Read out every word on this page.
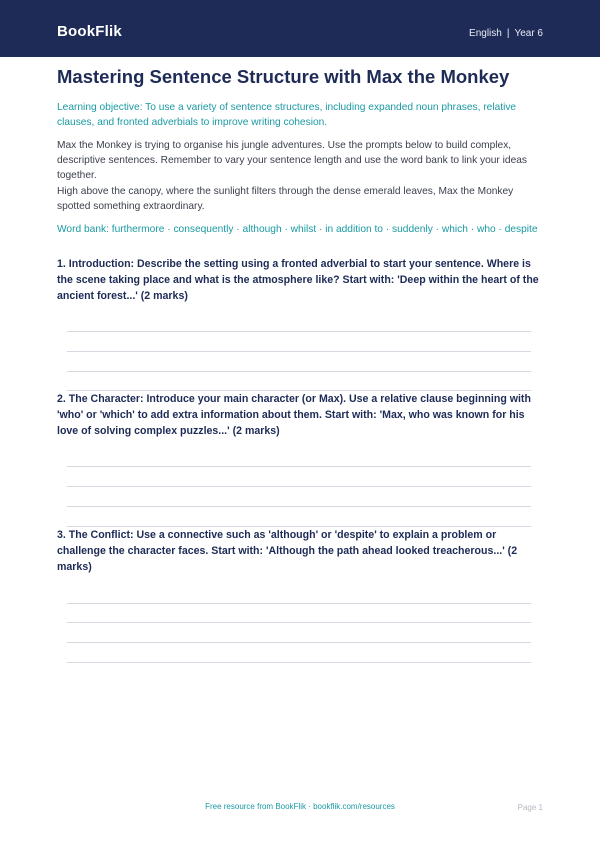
BookFlik	English | Year 6
Mastering Sentence Structure with Max the Monkey
Learning objective: To use a variety of sentence structures, including expanded noun phrases, relative clauses, and fronted adverbials to improve writing cohesion.
Max the Monkey is trying to organise his jungle adventures. Use the prompts below to build complex, descriptive sentences. Remember to vary your sentence length and use the word bank to link your ideas together.
High above the canopy, where the sunlight filters through the dense emerald leaves, Max the Monkey spotted something extraordinary.
Word bank: furthermore · consequently · although · whilst · in addition to · suddenly · which · who · despite
1. Introduction: Describe the setting using a fronted adverbial to start your sentence. Where is the scene taking place and what is the atmosphere like? Start with: 'Deep within the heart of the ancient forest...' (2 marks)
2. The Character: Introduce your main character (or Max). Use a relative clause beginning with 'who' or 'which' to add extra information about them. Start with: 'Max, who was known for his love of solving complex puzzles...' (2 marks)
3. The Conflict: Use a connective such as 'although' or 'despite' to explain a problem or challenge the character faces. Start with: 'Although the path ahead looked treacherous...' (2 marks)
Free resource from BookFlik · bookflik.com/resources	Page 1
